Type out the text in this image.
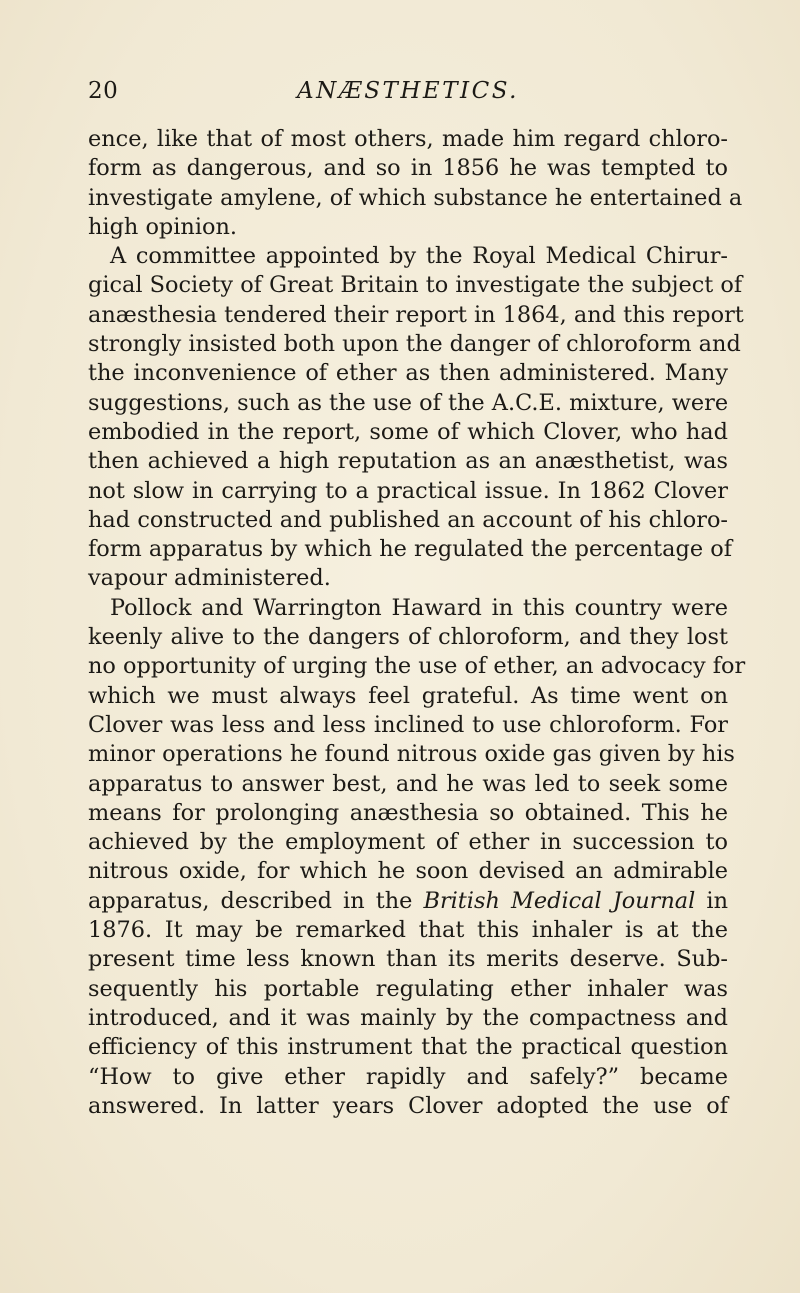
20	ANÆSTHETICS.
ence, like that of most others, made him regard chloro-
form as dangerous, and so in 1856 he was tempted to
investigate amylene, of which substance he entertained a
high opinion.
A committee appointed by the Royal Medical Chirur-
gical Society of Great Britain to investigate the subject of
anæsthesia tendered their report in 1864, and this report
strongly insisted both upon the danger of chloroform and
the inconvenience of ether as then administered. Many
suggestions, such as the use of the A.C.E. mixture, were
embodied in the report, some of which Clover, who had
then achieved a high reputation as an anæsthetist, was
not slow in carrying to a practical issue. In 1862 Clover
had constructed and published an account of his chloro-
form apparatus by which he regulated the percentage of
vapour administered.
Pollock and Warrington Haward in this country were
keenly alive to the dangers of chloroform, and they lost
no opportunity of urging the use of ether, an advocacy for
which we must always feel grateful. As time went on
Clover was less and less inclined to use chloroform. For
minor operations he found nitrous oxide gas given by his
apparatus to answer best, and he was led to seek some
means for prolonging anæsthesia so obtained. This he
achieved by the employment of ether in succession to
nitrous oxide, for which he soon devised an admirable
apparatus, described in the British Medical Journal in
1876. It may be remarked that this inhaler is at the
present time less known than its merits deserve. Sub-
sequently his portable regulating ether inhaler was
introduced, and it was mainly by the compactness and
efficiency of this instrument that the practical question
“How to give ether rapidly and safely?” became
answered. In latter years Clover adopted the use of
